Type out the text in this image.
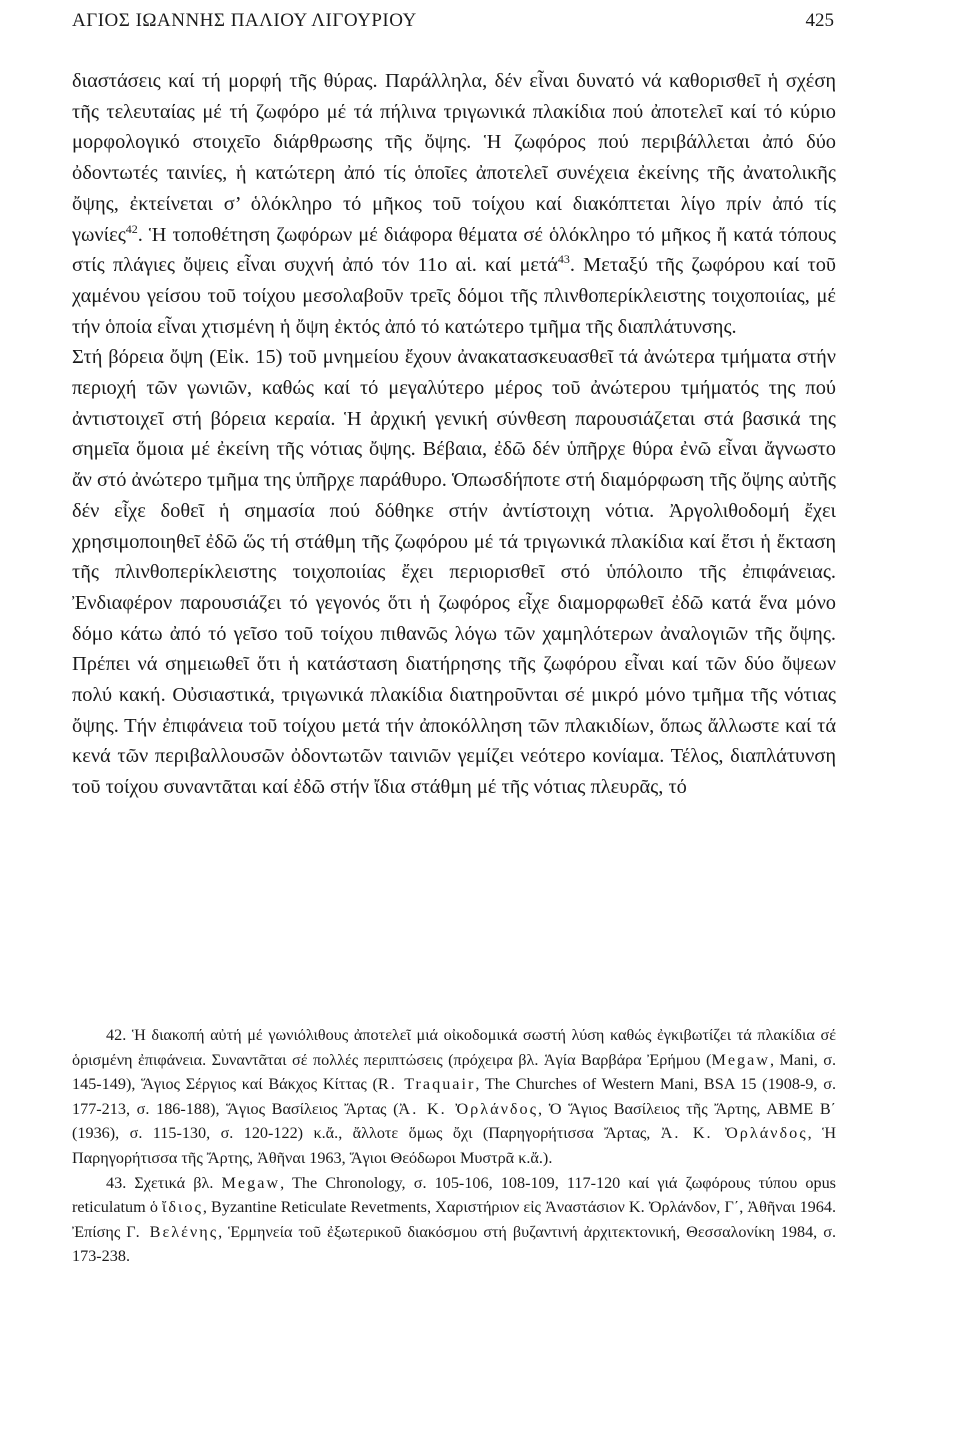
ΑΓΙΟΣ ΙΩΑΝΝΗΣ ΠΑΛΙΟΥ ΛΙΓΟΥΡΙΟΥ	425

διαστάσεις καί τή μορφή τῆς θύρας. Παράλληλα, δέν εἶναι δυνατό νά καθορισθεῖ ἡ σχέση τῆς τελευταίας μέ τή ζωφόρο μέ τά πήλινα τριγωνικά πλακίδια πού ἀποτελεῖ καί τό κύριο μορφολογικό στοιχεῖο διάρθρωσης τῆς ὄψης. Ἡ ζωφόρος πού περιβάλλεται ἀπό δύο ὀδοντωτές ταινίες, ἡ κατώτερη ἀπό τίς ὁποῖες ἀποτελεῖ συνέχεια ἐκείνης τῆς ἀνατολικῆς ὄψης, ἐκτείνεται σ’ ὁλόκληρο τό μῆκος τοῦ τοίχου καί διακόπτεται λίγο πρίν ἀπό τίς γωνίες$^{42}$. Ἡ τοποθέτηση ζωφόρων μέ διάφορα θέματα σέ ὁλόκληρο τό μῆκος ἤ κατά τόπους στίς πλάγιες ὄψεις εἶναι συχνή ἀπό τόν 11ο αἱ. καί μετά$^{43}$. Μεταξύ τῆς ζωφόρου καί τοῦ χαμένου γείσου τοῦ τοίχου μεσολαβοῦν τρεῖς δόμοι τῆς πλινθοπερίκλειστης τοιχοποιίας, μέ τήν ὁποία εἶναι χτισμένη ἡ ὄψη ἐκτός ἀπό τό κατώτερο τμῆμα τῆς διαπλάτυνσης.

Στή βόρεια ὄψη (Εἰκ. 15) τοῦ μνημείου ἔχουν ἀνακατασκευασθεῖ τά ἀνώτερα τμήματα στήν περιοχή τῶν γωνιῶν, καθώς καί τό μεγαλύτερο μέρος τοῦ ἀνώτερου τμήματός της πού ἀντιστοιχεῖ στή βόρεια κεραία. Ἡ ἀρχική γενική σύνθεση παρουσιάζεται στά βασικά της σημεῖα ὅμοια μέ ἐκείνη τῆς νότιας ὄψης. Βέβαια, ἐδῶ δέν ὑπῆρχε θύρα ἐνῶ εἶναι ἄγνωστο ἄν στό ἀνώτερο τμῆμα της ὑπῆρχε παράθυρο. Ὁπωσδήποτε στή διαμόρφωση τῆς ὄψης αὐτῆς δέν εἶχε δοθεῖ ἡ σημασία πού δόθηκε στήν ἀντίστοιχη νότια. Ἀργολιθοδομή ἔχει χρησιμοποιηθεῖ ἐδῶ ὥς τή στάθμη τῆς ζωφόρου μέ τά τριγωνικά πλακίδια καί ἔτσι ἡ ἔκταση τῆς πλινθοπερίκλειστης τοιχοποιίας ἔχει περιορισθεῖ στό ὑπόλοιπο τῆς ἐπιφάνειας. Ἐνδιαφέρον παρουσιάζει τό γεγονός ὅτι ἡ ζωφόρος εἶχε διαμορφωθεῖ ἐδῶ κατά ἕνα μόνο δόμο κάτω ἀπό τό γεῖσο τοῦ τοίχου πιθανῶς λόγω τῶν χαμηλότερων ἀναλογιῶν τῆς ὄψης. Πρέπει νά σημειωθεῖ ὅτι ἡ κατάσταση διατήρησης τῆς ζωφόρου εἶναι καί τῶν δύο ὄψεων πολύ κακή. Οὐσιαστικά, τριγωνικά πλακίδια διατηροῦνται σέ μικρό μόνο τμῆμα τῆς νότιας ὄψης. Τήν ἐπιφάνεια τοῦ τοίχου μετά τήν ἀποκόλληση τῶν πλακιδίων, ὅπως ἄλλωστε καί τά κενά τῶν περιβαλλουσῶν ὀδοντωτῶν ταινιῶν γεμίζει νεότερο κονίαμα. Τέλος, διαπλάτυνση τοῦ τοίχου συναντᾶται καί ἐδῶ στήν ἴδια στάθμη μέ τῆς νότιας πλευρᾶς, τό

42. Ἡ διακοπή αὐτή μέ γωνιόλιθους ἀποτελεῖ μιά οἰκοδομικά σωστή λύση καθώς ἐγκιβωτίζει τά πλακίδια σέ ὁρισμένη ἐπιφάνεια. Συναντᾶται σέ πολλές περιπτώσεις (πρόχειρα βλ. Ἁγία Βαρβάρα Ἐρήμου (Megaw, Mani, σ. 145-149), Ἅγιος Σέργιος καί Βάκχος Κίττας (R. Traquair, The Churches of Western Mani, BSA 15 (1908-9, σ. 177-213, σ. 186-188), Ἅγιος Βασίλειος Ἄρτας (Ἀ. Κ. Ὀρλάνδος, Ὁ Ἅγιος Βασίλειος τῆς Ἄρτης, ΑΒΜΕ Β΄ (1936), σ. 115-130, σ. 120-122) κ.ἄ., ἄλλοτε ὅμως ὄχι (Παρηγορήτισσα Ἄρτας, Ἀ. Κ. Ὀρλάνδος, Ἡ Παρηγορήτισσα τῆς Ἄρτης, Ἀθῆναι 1963, Ἅγιοι Θεόδωροι Μυστρᾶ κ.ἄ.).

43. Σχετικά βλ. Megaw, The Chronology, σ. 105-106, 108-109, 117-120 καί γιά ζωφόρους τύπου opus reticulatum ὁ ἴδιος, Byzantine Reticulate Revetments, Χαριστήριον εἰς Ἀναστάσιον Κ. Ὀρλάνδον, Γ΄, Ἀθῆναι 1964. Ἐπίσης Γ. Βελένης, Ἑρμηνεία τοῦ ἐξωτερικοῦ διακόσμου στή βυζαντινή ἀρχιτεκτονική, Θεσσαλονίκη 1984, σ. 173-238.
